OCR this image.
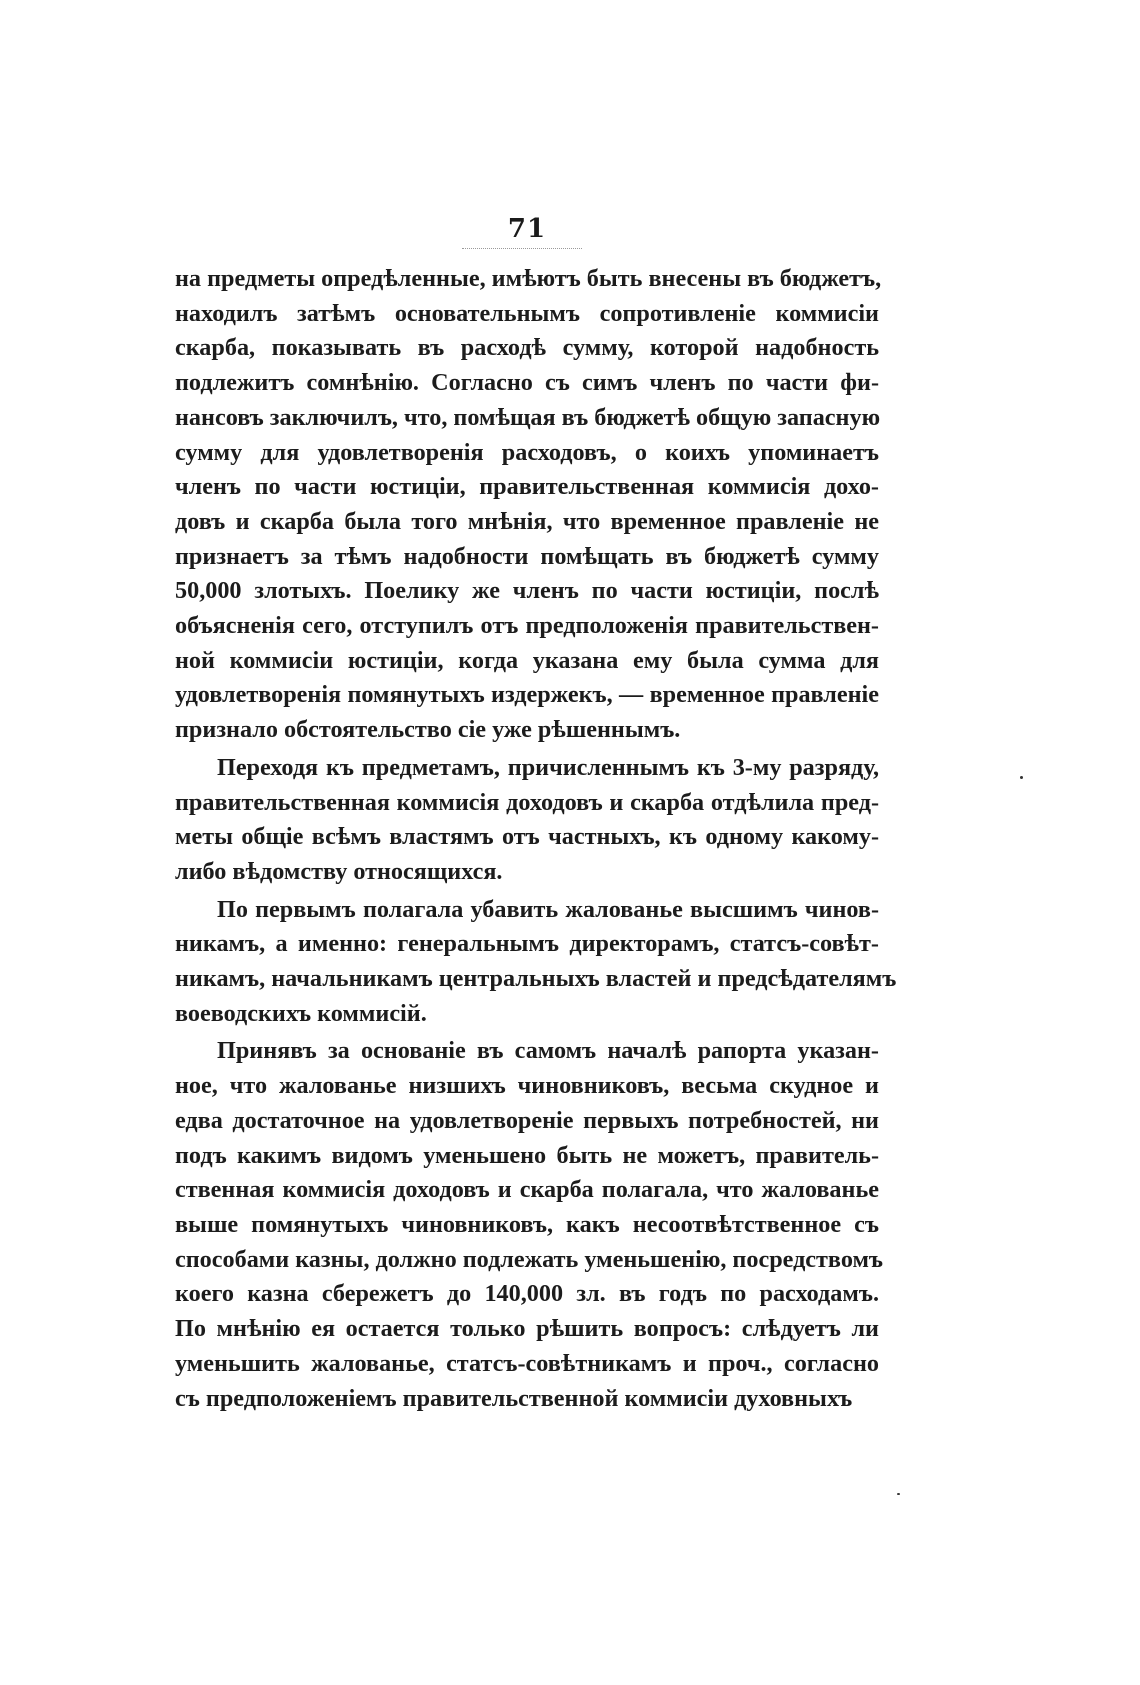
71
на предметы опредѣленные, имѣютъ быть внесены въ бюджетъ,
находилъ затѣмъ основательнымъ сопротивленіе коммисіи
скарба, показывать въ расходѣ сумму, которой надобность
подлежитъ сомнѣнію. Согласно съ симъ членъ по части фи-
нансовъ заключилъ, что, помѣщая въ бюджетѣ общую запасную
сумму для удовлетворенія расходовъ, о коихъ упоминаетъ
членъ по части юстиціи, правительственная коммисія дохо-
довъ и скарба была того мнѣнія, что временное правленіе не
признаетъ за тѣмъ надобности помѣщать въ бюджетѣ сумму
50,000 злотыхъ. Поелику же членъ по части юстиціи, послѣ
объясненія сего, отступилъ отъ предположенія правительствен-
ной коммисіи юстиціи, когда указана ему была сумма для
удовлетворенія помянутыхъ издержекъ, — временное правленіе
признало обстоятельство сіе уже рѣшеннымъ.
Переходя къ предметамъ, причисленнымъ къ 3-му разряду,
правительственная коммисія доходовъ и скарба отдѣлила пред-
меты общіе всѣмъ властямъ отъ частныхъ, къ одному какому-
либо вѣдомству относящихся.
По первымъ полагала убавить жалованье высшимъ чинов-
никамъ, а именно: генеральнымъ директорамъ, статсъ-совѣт-
никамъ, начальникамъ центральныхъ властей и предсѣдателямъ
воеводскихъ коммисій.
Принявъ за основаніе въ самомъ началѣ рапорта указан-
ное, что жалованье низшихъ чиновниковъ, весьма скудное и
едва достаточное на удовлетвореніе первыхъ потребностей, ни
подъ какимъ видомъ уменьшено быть не можетъ, правитель-
ственная коммисія доходовъ и скарба полагала, что жалованье
выше помянутыхъ чиновниковъ, какъ несоотвѣтственное съ
способами казны, должно подлежать уменьшенію, посредствомъ
коего казна сбережетъ до 140,000 зл. въ годъ по расходамъ.
По мнѣнію ея остается только рѣшить вопросъ: слѣдуетъ ли
уменьшить жалованье, статсъ-совѣтникамъ и проч., согласно
съ предположеніемъ правительственной коммисіи духовныхъ
